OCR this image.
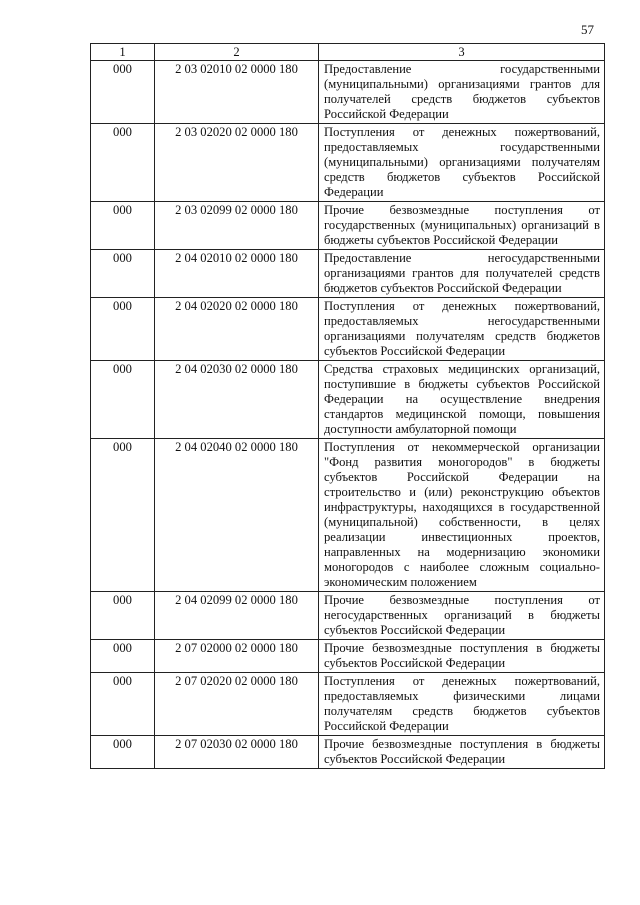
57
1	2	3
000	2 03 02010 02 0000 180	Предоставление государственными (муниципальными) организациями грантов для получателей средств бюджетов субъектов Российской Федерации
000	2 03 02020 02 0000 180	Поступления от денежных пожертвований, предоставляемых государственными (муниципальными) организациями получателям средств бюджетов субъектов Российской Федерации
000	2 03 02099 02 0000 180	Прочие безвозмездные поступления от государственных (муниципальных) организаций в бюджеты субъектов Российской Федерации
000	2 04 02010 02 0000 180	Предоставление негосударственными организациями грантов для получателей средств бюджетов субъектов Российской Федерации
000	2 04 02020 02 0000 180	Поступления от денежных пожертвований, предоставляемых негосударственными организациями получателям средств бюджетов субъектов Российской Федерации
000	2 04 02030 02 0000 180	Средства страховых медицинских организаций, поступившие в бюджеты субъектов Российской Федерации на осуществление внедрения стандартов медицинской помощи, повышения доступности амбулаторной помощи
000	2 04 02040 02 0000 180	Поступления от некоммерческой организации "Фонд развития моногородов" в бюджеты субъектов Российской Федерации на строительство и (или) реконструкцию объектов инфраструктуры, находящихся в государственной (муниципальной) собственности, в целях реализации инвестиционных проектов, направленных на модернизацию экономики моногородов с наиболее сложным социально-экономическим положением
000	2 04 02099 02 0000 180	Прочие безвозмездные поступления от негосударственных организаций в бюджеты субъектов Российской Федерации
000	2 07 02000 02 0000 180	Прочие безвозмездные поступления в бюджеты субъектов Российской Федерации
000	2 07 02020 02 0000 180	Поступления от денежных пожертвований, предоставляемых физическими лицами получателям средств бюджетов субъектов Российской Федерации
000	2 07 02030 02 0000 180	Прочие безвозмездные поступления в бюджеты субъектов Российской Федерации
